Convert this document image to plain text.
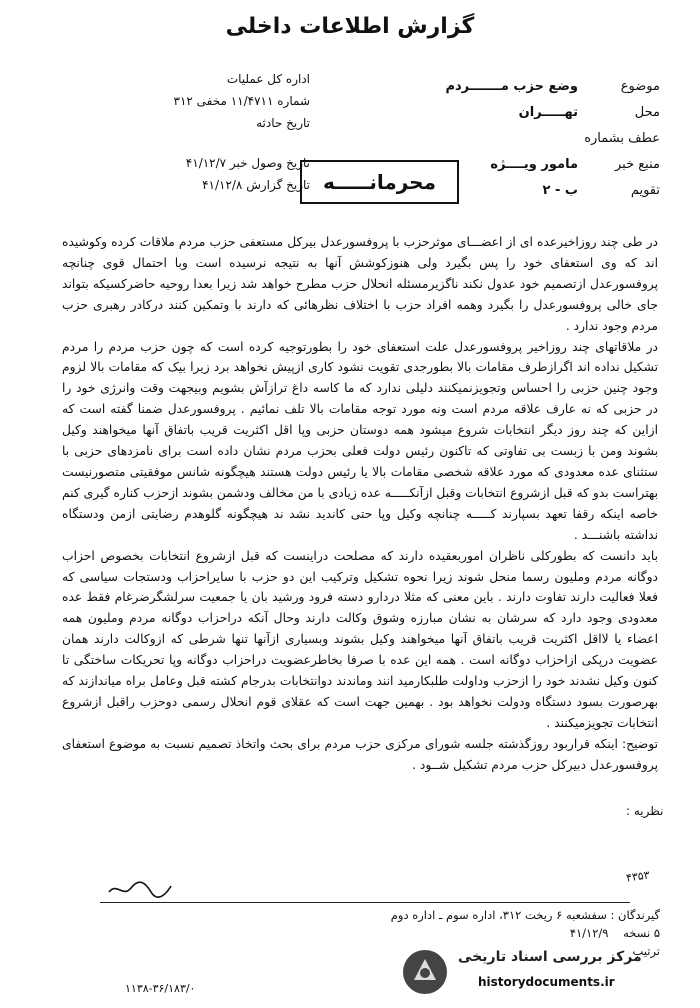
گزارش اطلاعات داخلی
موضوع
وضع حزب مـــــــردم
محل
تهـــــران
عطف بشماره
منبع خبر
مامور ویــــژه
تقویم
ب - ۲
اداره کل عملیات
شماره ۱۱/۴۷۱۱ مخفی ۳۱۲
تاریخ حادثه
تاریخ وصول خبر ۴۱/۱۲/۷
تاریخ گزارش ۴۱/۱۲/۸ محرمانـــــه

در طی چند روزاخیرعده ای از اعضـــای موثرحزب با پروفسورعدل بیرکل مستعفی حزب مردم ملاقات کرده وکوشیده اند که وی استعفای خود را پس بگیرد ولی هنوزکوشش آنها به نتیجه نرسیده است وبا احتمال قوی چنانچه پروفسورعدل ازتصمیم خود عدول نکند ناگزیرمسئله انحلال حزب مطرح خواهد شد زیرا بعدا روحیه حاضرکسیکه بتواند جای خالی پروفسورعدل را بگیرد وهمه افراد حزب با اختلاف نظرهائی که دارند با وتمکین کنند درکادر رهبری حزب مردم وجود ندارد .

در ملاقاتهای چند روزاخیر پروفسورعدل علت استعفای خود را بطورتوجیه کرده است که چون حزب مردم را مردم تشکیل نداده اند اگرازطرف مقامات بالا بطورجدی تقویت نشود کاری ازپیش نخواهد برد زیرا بیک که مقامات بالا لزوم وجود چنین حزبی را احساس وتجویزنمیکنند دلیلی ندارد که ما کاسه داغ ترازآش بشویم وبیجهت وقت وانرژی خود را در حزبی که نه عارف علاقه مردم است ونه مورد توجه مقامات بالا تلف نمائیم . پروفسورعدل ضمنا گفته است که ازاین که چند روز دیگر انتخابات شروع میشود همه دوستان حزبی وپا اقل اکثریت قریب باتفاق آنها میخواهند وکیل بشوند ومن با زبست بی تفاوتی که تاکنون رئیس دولت فعلی بحزب مردم نشان داده است برای نامزدهای حزبی با ستثنای عده معدودی که مورد علاقه شخصی مقامات بالا یا رئیس دولت هستند هیچگونه شانس موفقیتی متصورنیست بهتراست بدو که قبل ازشروع انتخابات وقبل ازآنکـــــه عده زیادی با من مخالف ودشمن بشوند ازحزب کناره گیری کنم خاصه اینکه رقفا تعهد بسپارند کـــــه چنانچه وکیل وپا حتی کاندید نشد ند هیچگونه گلوهدم رضایتی ازمن ودستگاه نداشته باشنـــد .

باید دانست که بطورکلی ناظران اموربعقیده دارند که مصلحت دراینست که قبل ازشروع انتخابات بخصوص احزاب دوگانه مردم وملیون رسما منحل شوند زیرا نحوه تشکیل وترکیب این دو حزب با سایراحزاب ودستجات سیاسی که فعلا فعالیت دارند تفاوت دارند . باین معنی که مثلا دردارو دسته فرود ورشید بان یا جمعیت سرلشگرضرغام فقط عده معدودی وجود دارد که سرشان به نشان مبارزه وشوق وکالت دارند وحال آنکه دراحزاب دوگانه مردم وملیون همه اعضاء یا لااقل اکثریت قریب باتفاق آنها میخواهند وکیل بشوند وبسیاری ازآنها تنها شرطی که ازوکالت دارند همان عضویت درپکی ازاحزاب دوگانه است . همه این عده با صرفا بخاطرعضویت دراحزاب دوگانه وپا تحریکات ساختگی تا کنون وکیل نشدند خود را ازحزب وداولت طلبکارمید انند وماندند دوانتخابات بدرجام کشته قبل وعامل براه میاندازند که بهرصورت بسود دستگاه ودولت نخواهد بود . بهمین جهت است که عقلای قوم انحلال رسمی دوحزب راقبل ازشروع انتخابات تجویزمیکنند .

توضیح: اینکه قراربود روزگذشته جلسه شورای مرکزی حزب مردم برای بحث واتخاذ تصمیم نسبت به موضوع استعفای پروفسورعدل دبیرکل حزب مردم تشکیل شــود .

نظریه :
۴۳۵۳
گیرندگان : سفشعبه ۶ ریخت ۳۱۲، اداره سوم ـ اداره دوم
۵ نسخه    ۴۱/۱۲/۹
ترتیب
۱۱۳۸-۳۶/۱۸۳/۰
مرکز بررسی اسناد تاریخی
historydocuments.ir
